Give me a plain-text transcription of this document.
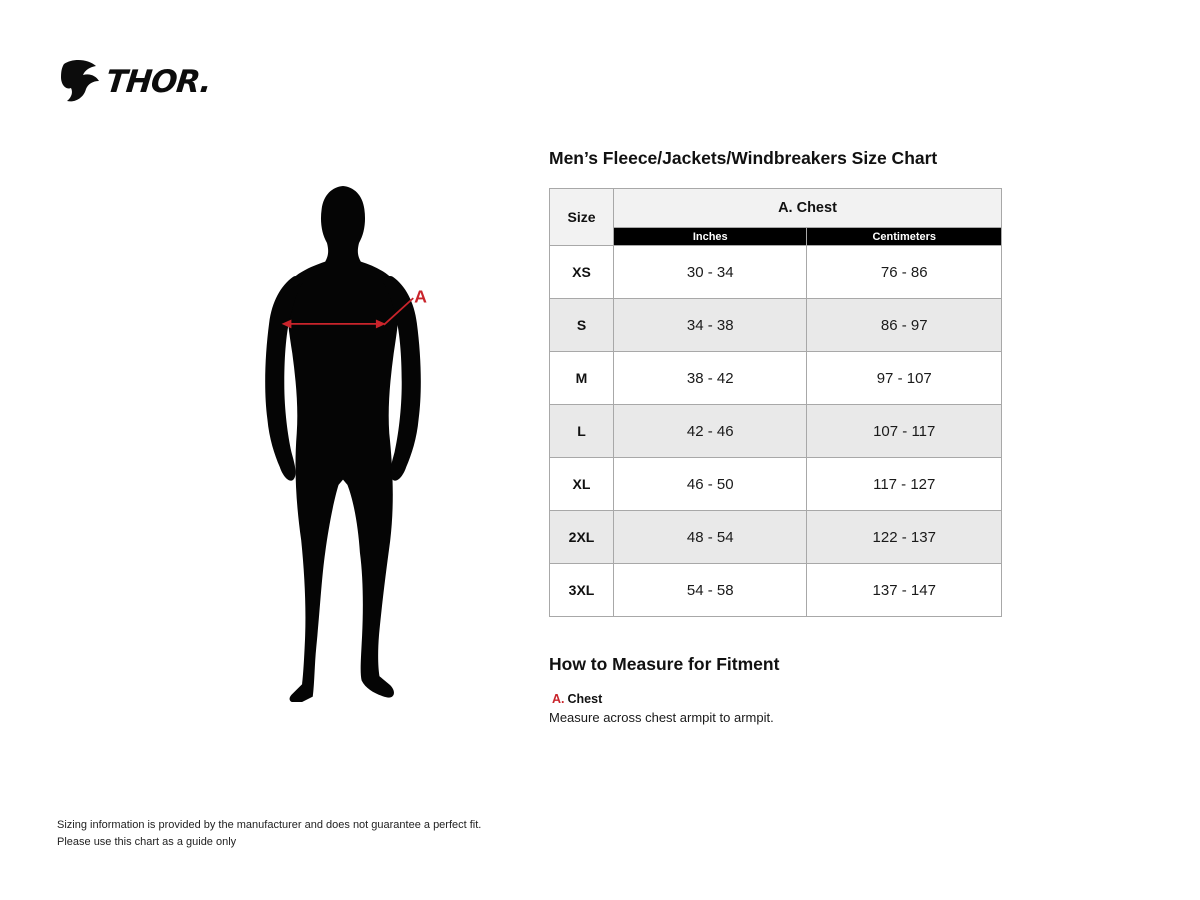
THOR.
A
Men’s Fleece/Jackets/Windbreakers Size Chart
Size	A. Chest	
	Inches	Centimeters
XS	30 - 34	76 - 86
S	34 - 38	86 - 97
M	38 - 42	97 - 107
L	42 - 46	107 - 117
XL	46 - 50	117 - 127
2XL	48 - 54	122 - 137
3XL	54 - 58	137 - 147
How to Measure for Fitment
A. Chest
Measure across chest armpit to armpit.
Sizing information is provided by the manufacturer and does not guarantee a perfect fit.
Please use this chart as a guide only
